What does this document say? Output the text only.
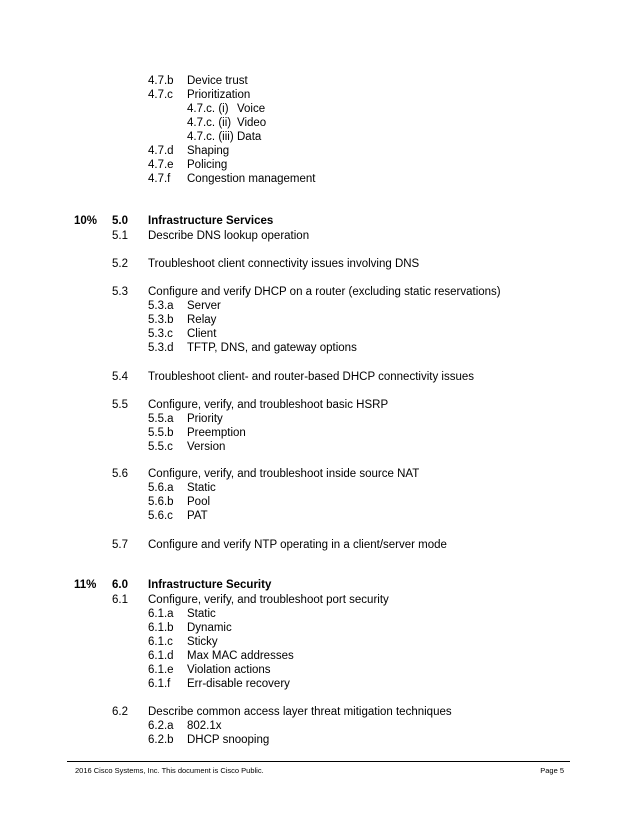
4.7.b Device trust
4.7.c Prioritization
4.7.c. (i) Voice
4.7.c. (ii) Video
4.7.c. (iii) Data
4.7.d Shaping
4.7.e Policing
4.7.f Congestion management
10% 5.0 Infrastructure Services
5.1 Describe DNS lookup operation
5.2 Troubleshoot client connectivity issues involving DNS
5.3 Configure and verify DHCP on a router (excluding static reservations)
5.3.a Server
5.3.b Relay
5.3.c Client
5.3.d TFTP, DNS, and gateway options
5.4 Troubleshoot client- and router-based DHCP connectivity issues
5.5 Configure, verify, and troubleshoot basic HSRP
5.5.a Priority
5.5.b Preemption
5.5.c Version
5.6 Configure, verify, and troubleshoot inside source NAT
5.6.a Static
5.6.b Pool
5.6.c PAT
5.7 Configure and verify NTP operating in a client/server mode
11% 6.0 Infrastructure Security
6.1 Configure, verify, and troubleshoot port security
6.1.a Static
6.1.b Dynamic
6.1.c Sticky
6.1.d Max MAC addresses
6.1.e Violation actions
6.1.f Err-disable recovery
6.2 Describe common access layer threat mitigation techniques
6.2.a 802.1x
6.2.b DHCP snooping
2016 Cisco Systems, Inc. This document is Cisco Public.	Page 5
